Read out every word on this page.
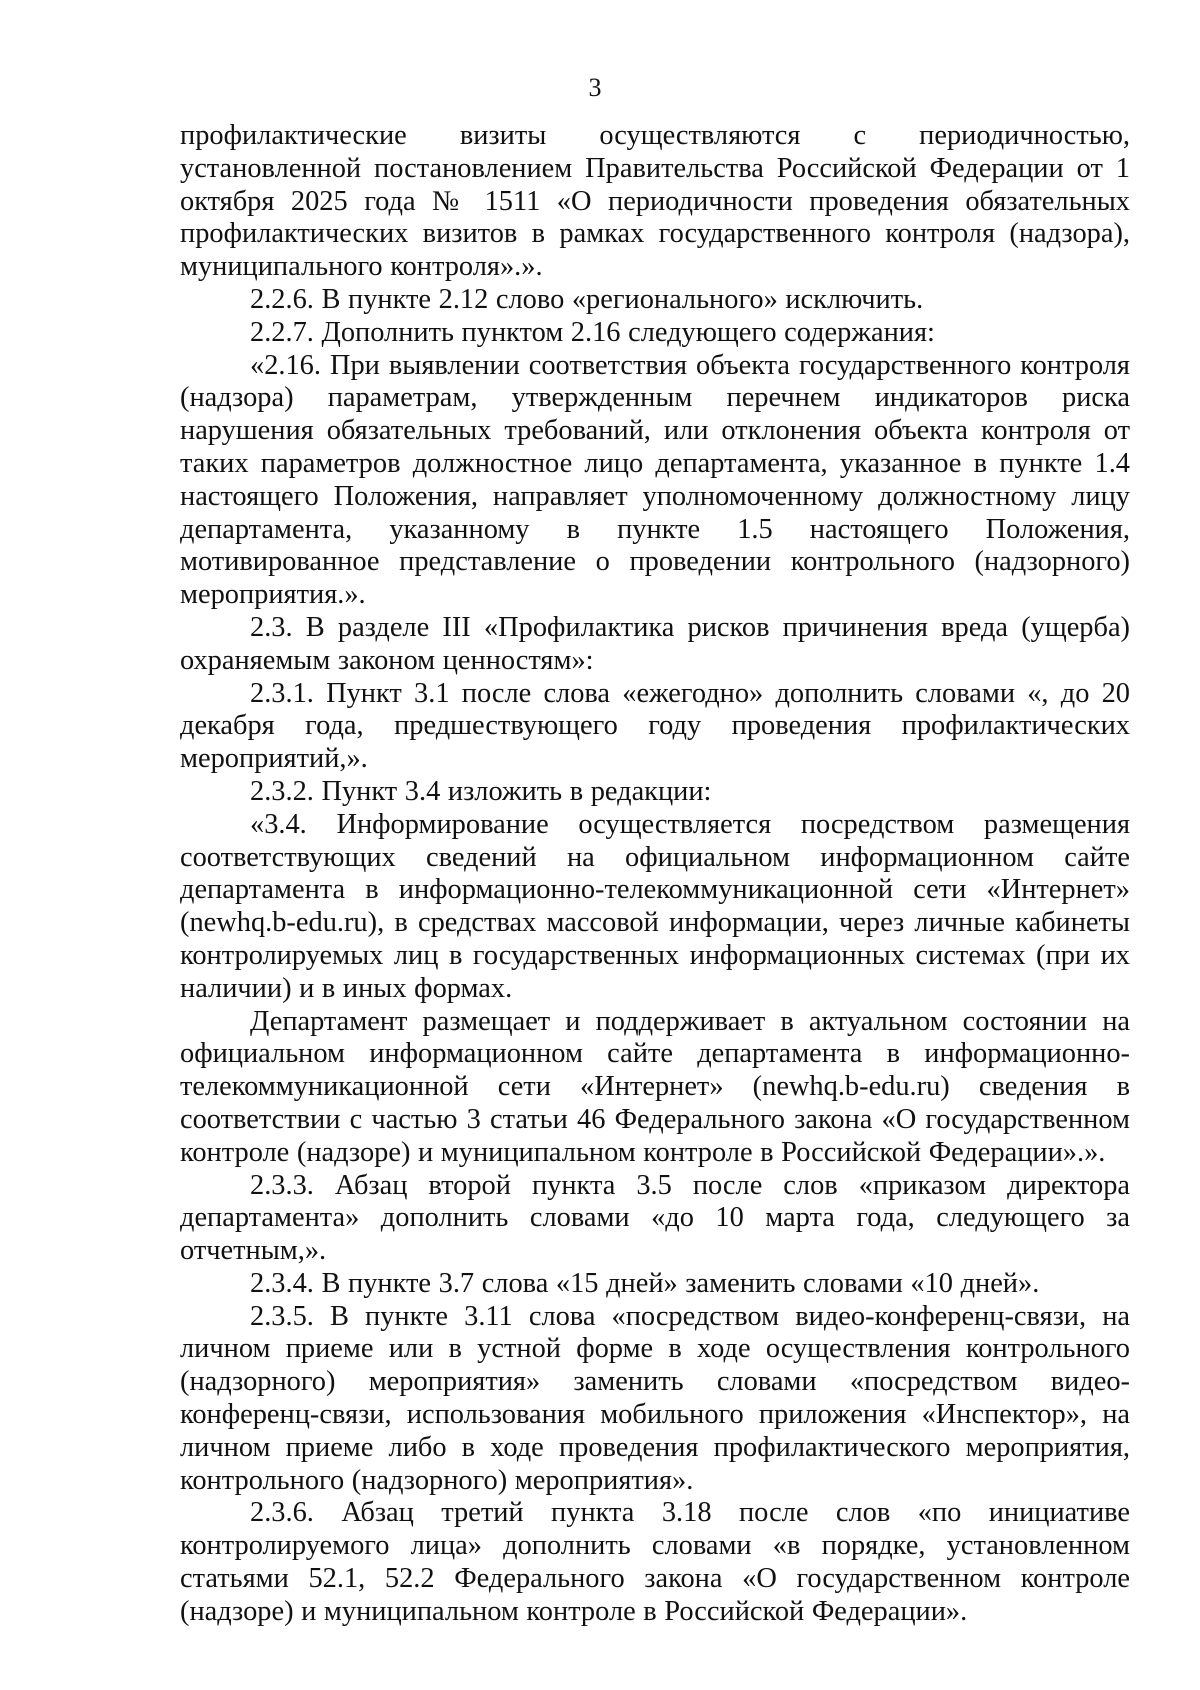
3

профилактические визиты осуществляются с периодичностью, установленной постановлением Правительства Российской Федерации от 1 октября 2025 года № 1511 «О периодичности проведения обязательных профилактических визитов в рамках государственного контроля (надзора), муниципального контроля».».

2.2.6. В пункте 2.12 слово «регионального» исключить.

2.2.7. Дополнить пунктом 2.16 следующего содержания:

«2.16. При выявлении соответствия объекта государственного контроля (надзора) параметрам, утвержденным перечнем индикаторов риска нарушения обязательных требований, или отклонения объекта контроля от таких параметров должностное лицо департамента, указанное в пункте 1.4 настоящего Положения, направляет уполномоченному должностному лицу департамента, указанному в пункте 1.5 настоящего Положения, мотивированное представление о проведении контрольного (надзорного) мероприятия.».

2.3. В разделе III «Профилактика рисков причинения вреда (ущерба) охраняемым законом ценностям»:

2.3.1. Пункт 3.1 после слова «ежегодно» дополнить словами «, до 20 декабря года, предшествующего году проведения профилактических мероприятий,».

2.3.2. Пункт 3.4 изложить в редакции:

«3.4. Информирование осуществляется посредством размещения соответствующих сведений на официальном информационном сайте департамента в информационно-телекоммуникационной сети «Интернет» (newhq.b-edu.ru), в средствах массовой информации, через личные кабинеты контролируемых лиц в государственных информационных системах (при их наличии) и в иных формах.

Департамент размещает и поддерживает в актуальном состоянии на официальном информационном сайте департамента в информационно-телекоммуникационной сети «Интернет» (newhq.b-edu.ru) сведения в соответствии с частью 3 статьи 46 Федерального закона «О государственном контроле (надзоре) и муниципальном контроле в Российской Федерации».».

2.3.3. Абзац второй пункта 3.5 после слов «приказом директора департамента» дополнить словами «до 10 марта года, следующего за отчетным,».

2.3.4. В пункте 3.7 слова «15 дней» заменить словами «10 дней».

2.3.5. В пункте 3.11 слова «посредством видео-конференц-связи, на личном приеме или в устной форме в ходе осуществления контрольного (надзорного) мероприятия» заменить словами «посредством видео-конференц-связи, использования мобильного приложения «Инспектор», на личном приеме либо в ходе проведения профилактического мероприятия, контрольного (надзорного) мероприятия».

2.3.6. Абзац третий пункта 3.18 после слов «по инициативе контролируемого лица» дополнить словами «в порядке, установленном статьями 52.1, 52.2 Федерального закона «О государственном контроле (надзоре) и муниципальном контроле в Российской Федерации».
